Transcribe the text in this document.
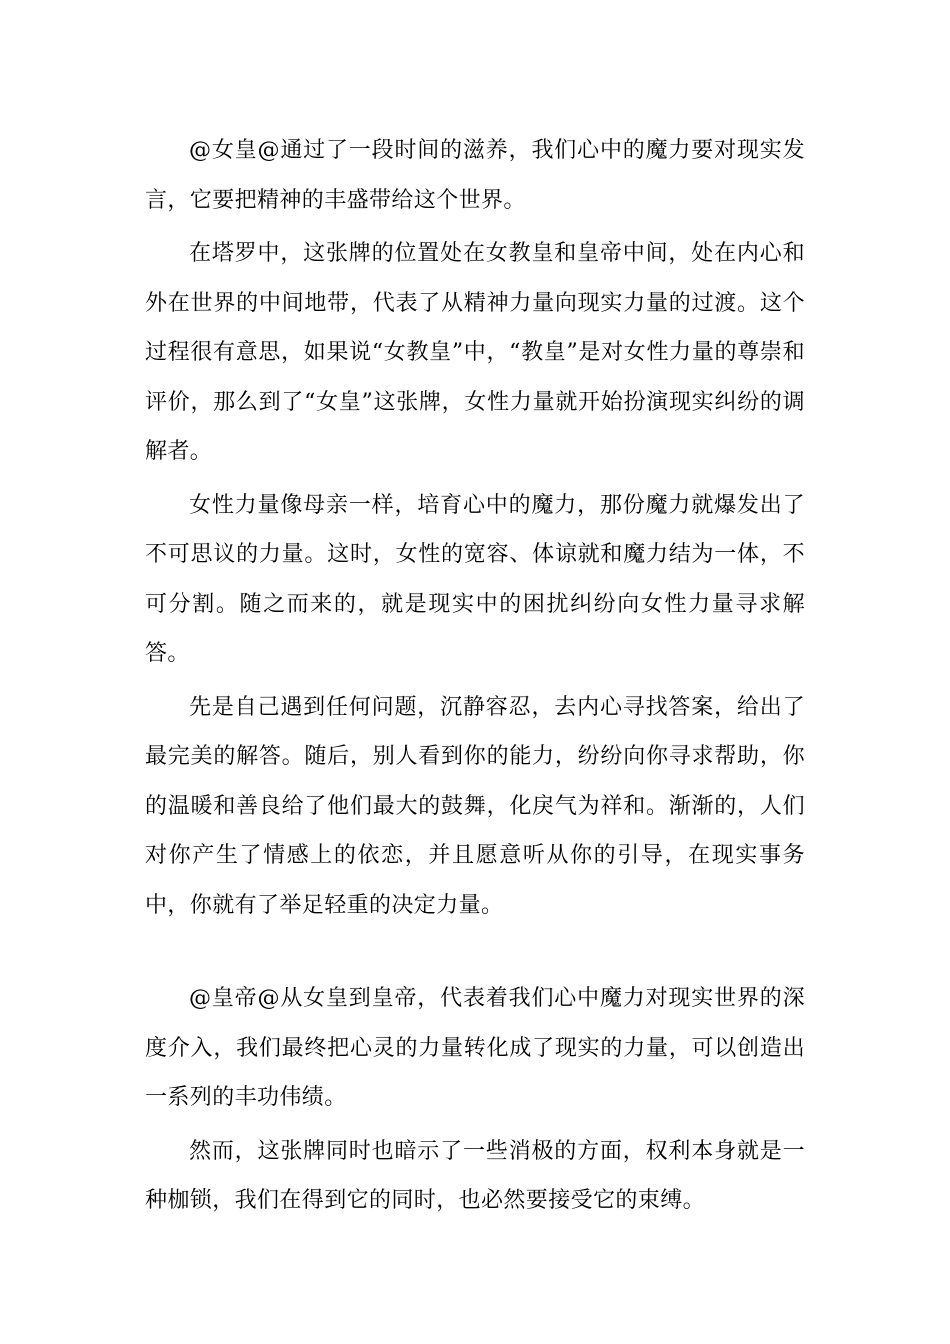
@女皇@通过了一段时间的滋养，我们心中的魔力要对现实发言，它要把精神的丰盛带给这个世界。

在塔罗中，这张牌的位置处在女教皇和皇帝中间，处在内心和外在世界的中间地带，代表了从精神力量向现实力量的过渡。这个过程很有意思，如果说“女教皇”中，“教皇”是对女性力量的尊崇和评价，那么到了“女皇”这张牌，女性力量就开始扮演现实纠纷的调解者。

女性力量像母亲一样，培育心中的魔力，那份魔力就爆发出了不可思议的力量。这时，女性的宽容、体谅就和魔力结为一体，不可分割。随之而来的，就是现实中的困扰纠纷向女性力量寻求解答。

先是自己遇到任何问题，沉静容忍，去内心寻找答案，给出了最完美的解答。随后，别人看到你的能力，纷纷向你寻求帮助，你的温暖和善良给了他们最大的鼓舞，化戾气为祥和。渐渐的，人们对你产生了情感上的依恋，并且愿意听从你的引导，在现实事务中，你就有了举足轻重的决定力量。

@皇帝@从女皇到皇帝，代表着我们心中魔力对现实世界的深度介入，我们最终把心灵的力量转化成了现实的力量，可以创造出一系列的丰功伟绩。

然而，这张牌同时也暗示了一些消极的方面，权利本身就是一种枷锁，我们在得到它的同时，也必然要接受它的束缚。
